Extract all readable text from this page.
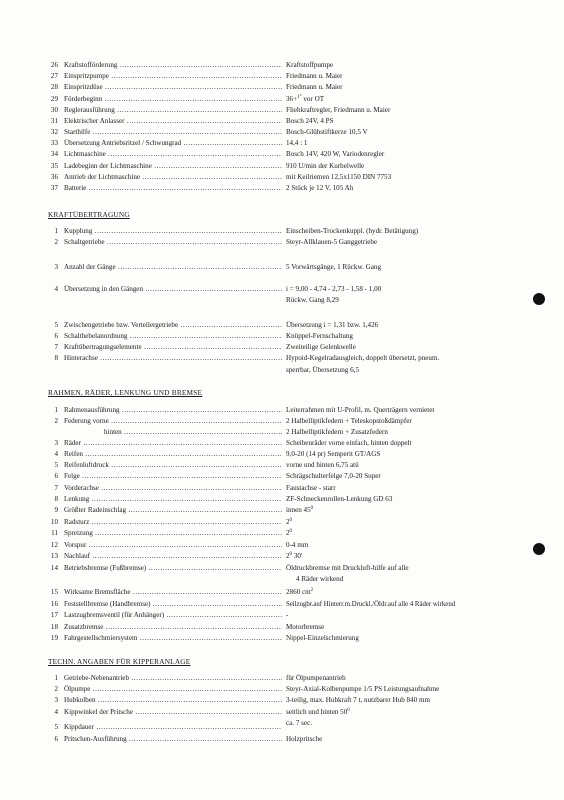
26 Kraftstofförderung .....	Kraftstoffpumpe
27 Einspritzpumpe .....	Friedmann u. Maier
28 Einspritzdüse .....	Friedmann u. Maier
29 Förderbeginn .....	36+$^{1^\circ}$ vor OT
30 Reglerausführung .....	Fliehkraftregler, Friedmann u. Maier
31 Elektrischer Anlasser .....	Bosch 24V, 4 PS
32 Starthilfe .....	Bosch-Glühstiftkerze 10,5 V
33 Übersetzung Antriebsritzel / Schwungrad .....	14,4 : 1
34 Lichtmaschine .....	Bosch 14V, 420 W, Variodenregler
35 Ladebeginn der Lichtmaschine .....	910 U/min der Kurbelwelle
36 Antrieb der Lichtmaschine .....	mit Keilriemen 12,5x1150 DIN 7753
37 Batterie .....	2 Stück je 12 V, 105 Ah
KRAFTÜBERTRAGUNG
1 Kupplung .....	Einscheiben-Trockenkuppl. (hydr. Betätigung)
2 Schaltgetriebe .....	Steyr-Allklauen-5 Ganggetriebe
3 Anzahl der Gänge .....	5 Vorwärtsgänge, 1 Rückw. Gang
4 Übersetzung in den Gängen .....	i = 9,00 - 4,74 - 2,73 - 1,58 - 1,00
Rückw. Gang 8,29
5 Zwischengetriebe bzw. Verteilergetriebe .....	Übersetzung i = 1,31 bzw. 1,426
6 Schalthebelanordnung .....	Knüppel-Fernschaltung
7 Kraftübertragungselemente .....	Zweiteilige Gelenkwelle
8 Hinterachse .....	Hypoid-Kegelradausgleich, doppelt übersetzt, pneum.
sperrbar, Übersetzung 6,5
RAHMEN, RÄDER, LENKUNG UND BREMSE
1 Rahmenausführung .....	Leiterrahmen mit U-Profil, m. Querträgern vernietet
2 Federung vorne .....	2 Halbelliptikfedern + Teleskopstoßdämpfer
hinten .....	2 Halbelliptikfedern + Zusatzfedern
3 Räder .....	Scheibenräder vorne einfach, hinten doppelt
4 Reifen .....	9,0-20 (14 pr) Semperit GT/AGS
5 Reifenluftdruck .....	vorne und hinten 6,75 atü
6 Felge .....	Schrägschulterfelge 7,0-20 Super
7 Vorderachse .....	Faustachse - starr
8 Lenkung .....	ZF-Schneckenrollen-Lenkung GD 63
9 Größter Radeinschlag .....	innen $45^0$
10 Radsturz .....	$2^0$
11 Spreizung .....	$2^0$
12 Vorspur .....	0-4 mm
13 Nachlauf .....	$2^0$ 30'
14 Betriebsbremse (Fußbremse) .....	Öldruckbremse mit Druckluft-hilfe auf alle
4 Räder wirkend
15 Wirksame Bremsfläche .....	2860 $cm^2$
16 Feststellbremse (Handbremse) .....	Seilzugbr.auf Hinterr.m.Druckl./Öldr.auf alle 4 Räder wirkend
17 Lastzugbremsventil (für Anhänger) .....	-
18 Zusatzbremse .....	Motorbremse
19 Fahrgestellschmiersystem .....	Nippel-Einzelschmierung
TECHN. ANGABEN FÜR KIPPERANLAGE
1 Getriebe-Nebenantrieb .....	für Ölpumpenantrieb
2 Ölpumpe .....	Steyr-Axial-Kolbenpumpe 1/5 PS Leistungsaufnahme
3 Hubkolben .....	3-teilig, max. Hubkraft 7 t, nutzbarer Hub 840 mm
4 Kippwinkel der Pritsche .....	seitlich und hinten $50^0$
5 Kippdauer .....	ca. 7 sec.
6 Pritschen-Ausführung .....	Holzpritsche
